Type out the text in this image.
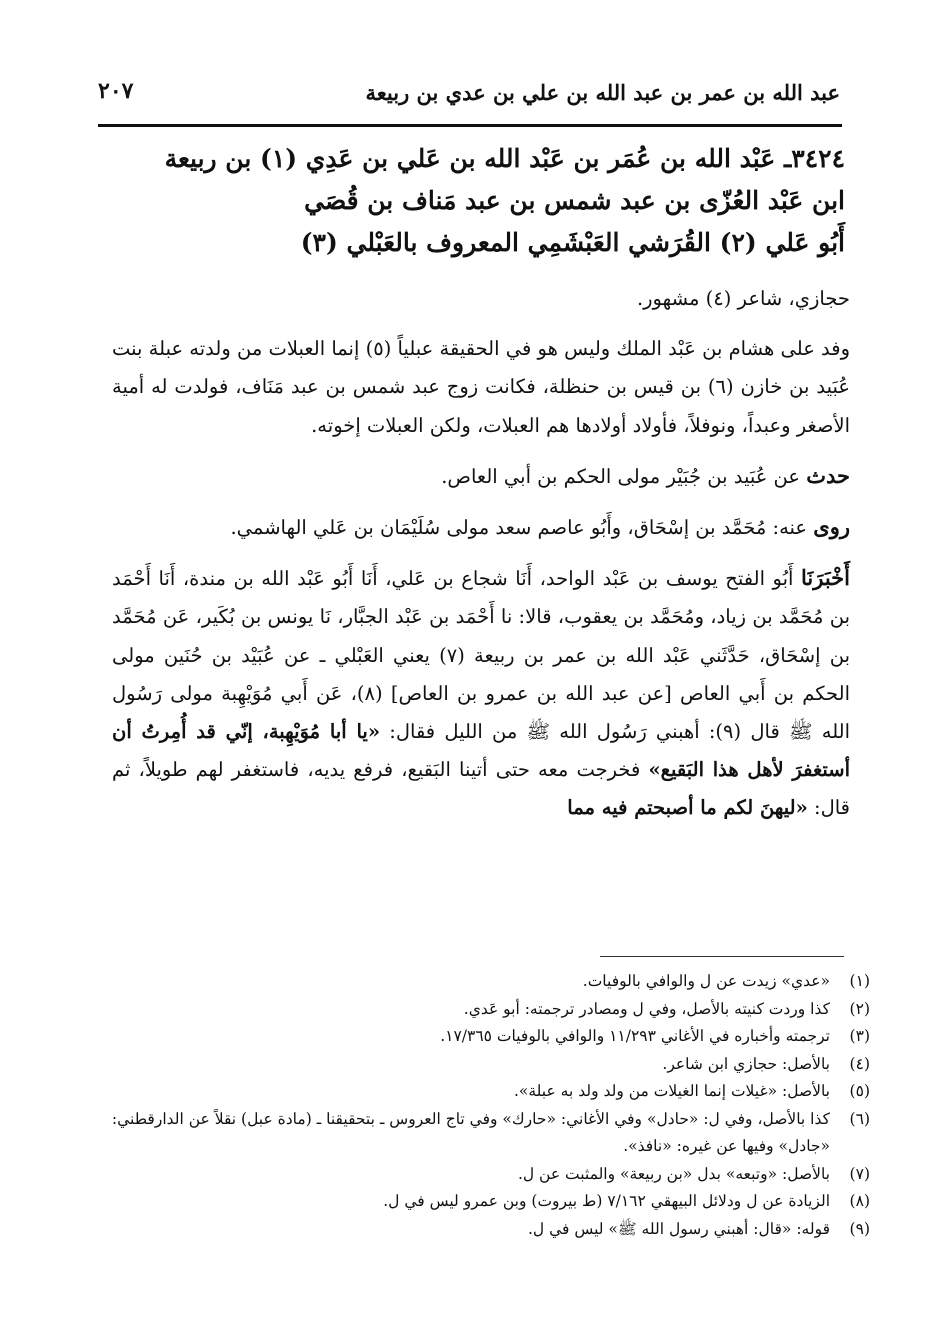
عبد الله بن عمر بن عبد الله بن علي بن عدي بن ربيعة
٢٠٧
٣٤٢٤ـ عَبْد الله بن عُمَر بن عَبْد الله بن عَلي بن عَدِي (١) بن ربيعة
ابن عَبْد العُزّى بن عبد شمس بن عبد مَناف بن قُصَي
أَبُو عَلي (٢) القُرَشي العَبْشَمِي المعروف بالعَبْلي (٣)

حجازي، شاعر (٤) مشهور.

وفد على هشام بن عَبْد الملك وليس هو في الحقيقة عبلياً (٥) إنما العبلات من ولدته عبلة بنت عُبَيد بن خازن (٦) بن قيس بن حنظلة، فكانت زوج عبد شمس بن عبد مَنَاف، فولدت له أمية الأصغر وعبداً، ونوفلاً، فأولاد أولادها هم العبلات، ولكن العبلات إخوته.

حدث عن عُبَيد بن جُبَيْر مولى الحكم بن أبي العاص.

روى عنه: مُحَمَّد بن إسْحَاق، وأَبُو عاصم سعد مولى سُلَيْمَان بن عَلي الهاشمي.

أَخْبَرَنَا أَبُو الفتح يوسف بن عَبْد الواحد، أَنَا شجاع بن عَلي، أَنَا أَبُو عَبْد الله بن مندة، أَنَا أَحْمَد بن مُحَمَّد بن زياد، ومُحَمَّد بن يعقوب، قالا: نا أَحْمَد بن عَبْد الجبَّار، نَا يونس بن بُكَير، عَن مُحَمَّد بن إسْحَاق، حَدَّثَني عَبْد الله بن عمر بن ربيعة (٧) يعني العَبْلي ـ عن عُبَيْد بن حُنَين مولى الحكم بن أَبي العاص [عن عبد الله بن عمرو بن العاص] (٨)، عَن أَبي مُوَيْهِبة مولى رَسُول الله ﷺ قال (٩): أهبني رَسُول الله ﷺ من الليل فقال: «يا أبا مُوَيْهِبة، إنّي قد أُمِرتُ أن أستغفرَ لأهل هذا البَقيع» فخرجت معه حتى أتينا البَقيع، فرفع يديه، فاستغفر لهم طويلاً، ثم قال: «ليهنَ لكم ما أصبحتم فيه مما

(١)
«عدي» زيدت عن ل والوافي بالوفيات.
(٢)
كذا وردت كنيته بالأصل، وفي ل ومصادر ترجمته: أبو عَدي.
(٣)
ترجمته وأخباره في الأغاني ١١/٢٩٣ والوافي بالوفيات ١٧/٣٦٥.
(٤)
بالأصل: حجازي ابن شاعر.
(٥)
بالأصل: «غيلات إنما الغيلات من ولد ولد به عبلة».
(٦)
كذا بالأصل، وفي ل: «حادل» وفي الأغاني: «حارك» وفي تاج العروس ـ بتحقيقنا ـ (مادة عبل) نقلاً عن الدارقطني: «جادل» وفيها عن غيره: «نافذ».
(٧)
بالأصل: «وتبعه» بدل «بن ربيعة» والمثبت عن ل.
(٨)
الزيادة عن ل ودلائل البيهقي ٧/١٦٢ (ط بيروت) وبن عمرو ليس في ل.
(٩)
قوله: «قال: أهبني رسول الله ﷺ» ليس في ل.
